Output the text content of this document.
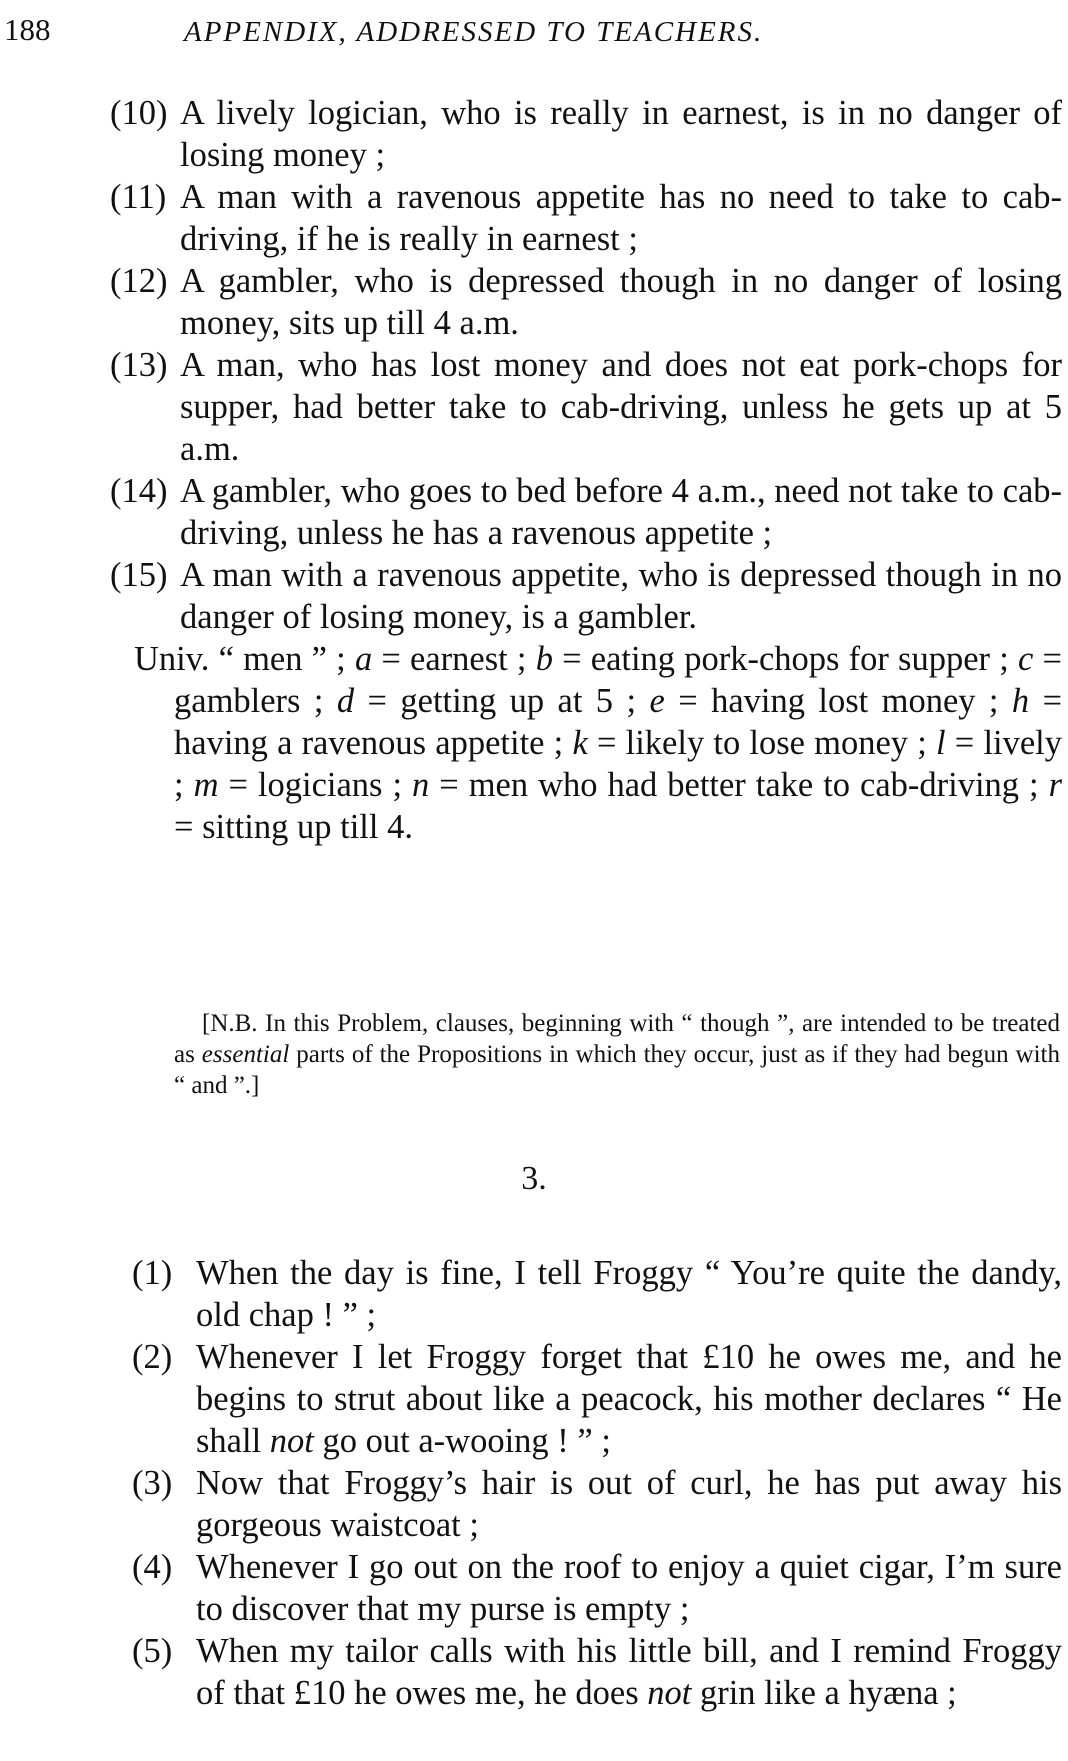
188	APPENDIX, ADDRESSED TO TEACHERS.
(10) A lively logician, who is really in earnest, is in no danger of losing money ;
(11) A man with a ravenous appetite has no need to take to cab-driving, if he is really in earnest ;
(12) A gambler, who is depressed though in no danger of losing money, sits up till 4 a.m.
(13) A man, who has lost money and does not eat pork-chops for supper, had better take to cab-driving, unless he gets up at 5 a.m.
(14) A gambler, who goes to bed before 4 a.m., need not take to cab-driving, unless he has a ravenous appetite ;
(15) A man with a ravenous appetite, who is depressed though in no danger of losing money, is a gambler.
Univ. “ men ” ; a = earnest ; b = eating pork-chops for supper ; c = gamblers ; d = getting up at 5 ; e = having lost money ; h = having a ravenous appetite ; k = likely to lose money ; l = lively ; m = logicians ; n = men who had better take to cab-driving ; r = sitting up till 4.
[N.B. In this Problem, clauses, beginning with “ though ”, are intended to be treated as essential parts of the Propositions in which they occur, just as if they had begun with “ and ”.]
3.
(1) When the day is fine, I tell Froggy “ You’re quite the dandy, old chap ! ” ;
(2) Whenever I let Froggy forget that £10 he owes me, and he begins to strut about like a peacock, his mother declares “ He shall not go out a-wooing ! ” ;
(3) Now that Froggy’s hair is out of curl, he has put away his gorgeous waistcoat ;
(4) Whenever I go out on the roof to enjoy a quiet cigar, I’m sure to discover that my purse is empty ;
(5) When my tailor calls with his little bill, and I remind Froggy of that £10 he owes me, he does not grin like a hyæna ;
